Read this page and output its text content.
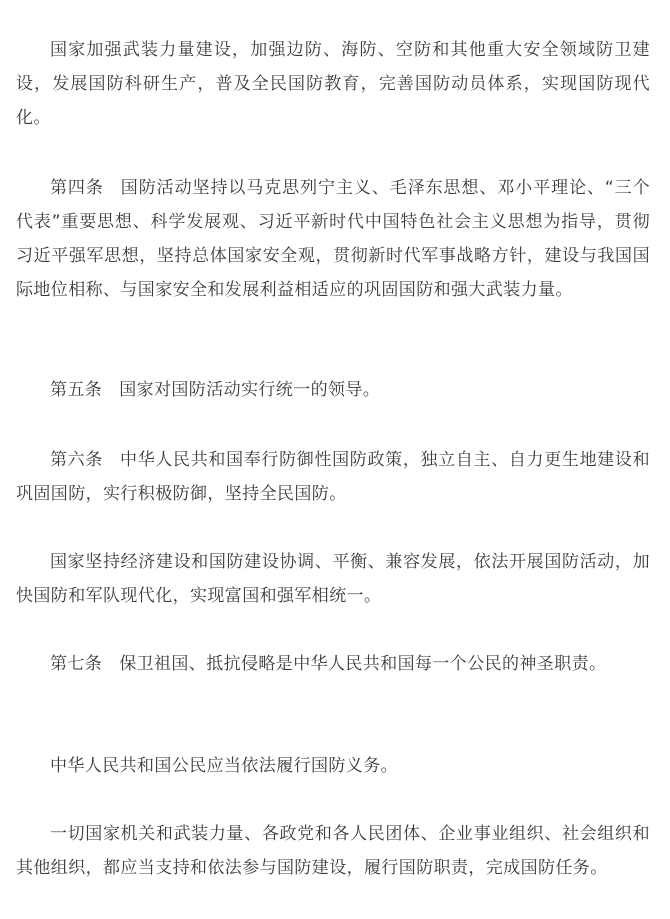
国家加强武装力量建设，加强边防、海防、空防和其他重大安全领域防卫建设，发展国防科研生产，普及全民国防教育，完善国防动员体系，实现国防现代化。

第四条 国防活动坚持以马克思列宁主义、毛泽东思想、邓小平理论、“三个代表”重要思想、科学发展观、习近平新时代中国特色社会主义思想为指导，贯彻习近平强军思想，坚持总体国家安全观，贯彻新时代军事战略方针，建设与我国国际地位相称、与国家安全和发展利益相适应的巩固国防和强大武装力量。

第五条 国家对国防活动实行统一的领导。

第六条 中华人民共和国奉行防御性国防政策，独立自主、自力更生地建设和巩固国防，实行积极防御，坚持全民国防。

国家坚持经济建设和国防建设协调、平衡、兼容发展，依法开展国防活动，加快国防和军队现代化，实现富国和强军相统一。

第七条 保卫祖国、抵抗侵略是中华人民共和国每一个公民的神圣职责。

中华人民共和国公民应当依法履行国防义务。

一切国家机关和武装力量、各政党和各人民团体、企业事业组织、社会组织和其他组织，都应当支持和依法参与国防建设，履行国防职责，完成国防任务。
